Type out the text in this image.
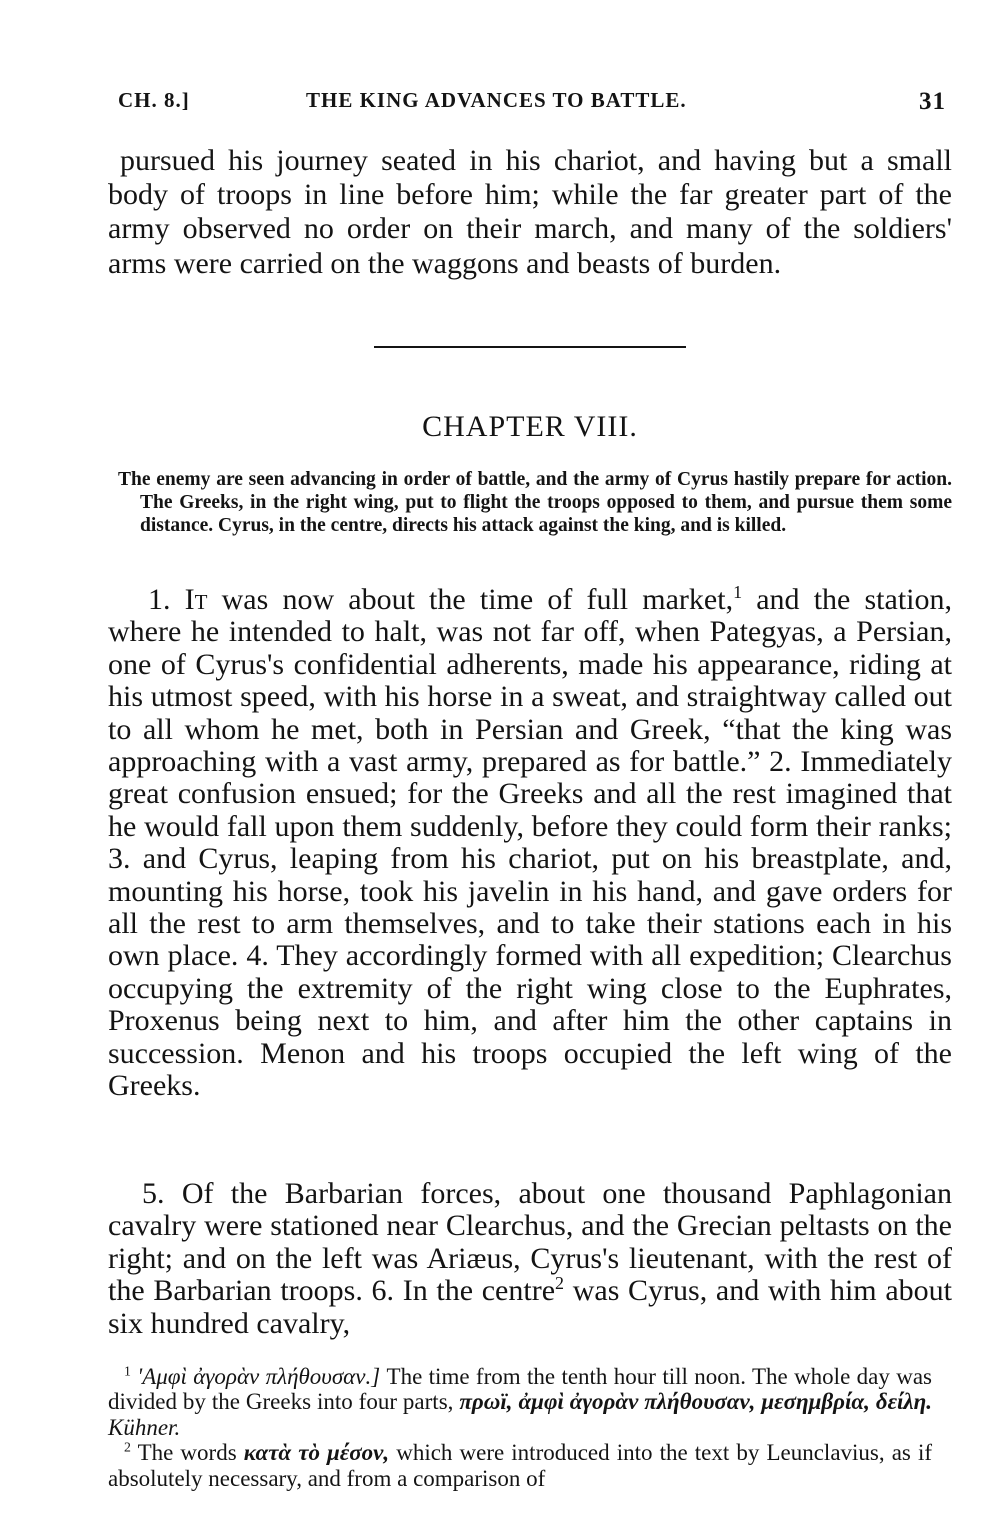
CH. 8.]	THE KING ADVANCES TO BATTLE.	31
pursued his journey seated in his chariot, and having but a small body of troops in line before him; while the far greater part of the army observed no order on their march, and many of the soldiers' arms were carried on the waggons and beasts of burden.
CHAPTER VIII.
The enemy are seen advancing in order of battle, and the army of Cyrus hastily prepare for action. The Greeks, in the right wing, put to flight the troops opposed to them, and pursue them some distance. Cyrus, in the centre, directs his attack against the king, and is killed.
1. It was now about the time of full market,$^1$ and the station, where he intended to halt, was not far off, when Pategyas, a Persian, one of Cyrus's confidential adherents, made his appearance, riding at his utmost speed, with his horse in a sweat, and straightway called out to all whom he met, both in Persian and Greek, “that the king was approaching with a vast army, prepared as for battle.” 2. Immediately great confusion ensued; for the Greeks and all the rest imagined that he would fall upon them suddenly, before they could form their ranks; 3. and Cyrus, leaping from his chariot, put on his breastplate, and, mounting his horse, took his javelin in his hand, and gave orders for all the rest to arm themselves, and to take their stations each in his own place. 4. They accordingly formed with all expedition; Clearchus occupying the extremity of the right wing close to the Euphrates, Proxenus being next to him, and after him the other captains in succession. Menon and his troops occupied the left wing of the Greeks.
5. Of the Barbarian forces, about one thousand Paphlagonian cavalry were stationed near Clearchus, and the Grecian peltasts on the right; and on the left was Ariæus, Cyrus's lieutenant, with the rest of the Barbarian troops. 6. In the centre$^2$ was Cyrus, and with him about six hundred cavalry,

$^1$ 'Αμφὶ ἀγορὰν πλήθουσαν.] The time from the tenth hour till noon. The whole day was divided by the Greeks into four parts, πρωï, ἀμφὶ ἀγορὰν πλήθουσαν, μεσημβρία, δείλη. Kühner.

$^2$ The words κατὰ τὸ μέσον, which were introduced into the text by Leunclavius, as if absolutely necessary, and from a comparison of
